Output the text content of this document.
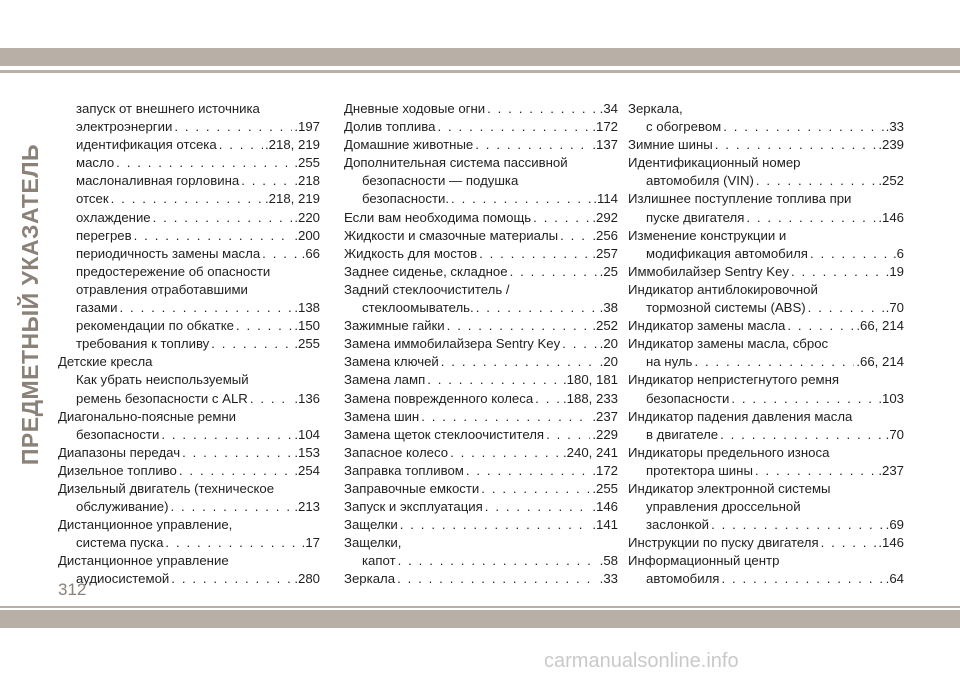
ПРЕДМЕТНЫЙ УКАЗАТЕЛЬ
запуск от внешнего источника
электроэнергии . . .	.197
идентификация отсека . . .	.218, 219
масло . . .	.255
маслоналивная горловина . . .	.218
отсек . . .	.218, 219
охлаждение . . .	.220
перегрев . . .	.200
периодичность замены масла . . .	.66
предостережение об опасности
отравления отработавшими
газами . . .	.138
рекомендации по обкатке . . .	.150
требования к топливу . . .	.255
Детские кресла
Как убрать неиспользуемый
ремень безопасности с ALR . . .	.136
Диагонально-поясные ремни
безопасности . . .	.104
Диапазоны передач . . .	.153
Дизельное топливо . . .	.254
Дизельный двигатель (техническое
обслуживание) . . .	.213
Дистанционное управление,
система пуска . . .	.17
Дистанционное управление
аудиосистемой . . .	.280
Дневные ходовые огни . . .	.34
Долив топлива . . .	.172
Домашние животные . . .	.137
Дополнительная система пассивной
безопасности — подушка
безопасности. . . .	.114
Если вам необходима помощь . . .	.292
Жидкости и смазочные материалы . . .	.256
Жидкость для мостов . . .	.257
Заднее сиденье, складное . . .	.25
Задний стеклоочиститель /
стеклоомыватель. . . .	.38
Зажимные гайки . . .	.252
Замена иммобилайзера Sentry Key . . .	.20
Замена ключей . . .	.20
Замена ламп . . .	.180, 181
Замена поврежденного колеса . . . .188, 233
Замена шин . . .	.237
Замена щеток стеклоочистителя . . .	.229
Запасное колесо . . .	.240, 241
Заправка топливом . . .	.172
Заправочные емкости . . .	.255
Запуск и эксплуатация . . .	.146
Защелки . . .	.141
Защелки,
капот . . .	.58
Зеркала . . .	.33
Зеркала,
с обогревом . . .	.33
Зимние шины . . .	.239
Идентификационный номер
автомобиля (VIN) . . .	.252
Излишнее поступление топлива при
пуске двигателя . . .	.146
Изменение конструкции и
модификация автомобиля . . .	.6
Иммобилайзер Sentry Key . . .	.19
Индикатор антиблокировочной
тормозной системы (ABS) . . .	.70
Индикатор замены масла . . .	.66, 214
Индикатор замены масла, сброс
на нуль . . .	.66, 214
Индикатор непристегнутого ремня
безопасности . . .	.103
Индикатор падения давления масла
в двигателе . . .	.70
Индикаторы предельного износа
протектора шины . . .	.237
Индикатор электронной системы
управления дроссельной
заслонкой . . .	.69
Инструкции по пуску двигателя . . .	.146
Информационный центр
автомобиля . . .	.64
312
carmanualsonline.info
